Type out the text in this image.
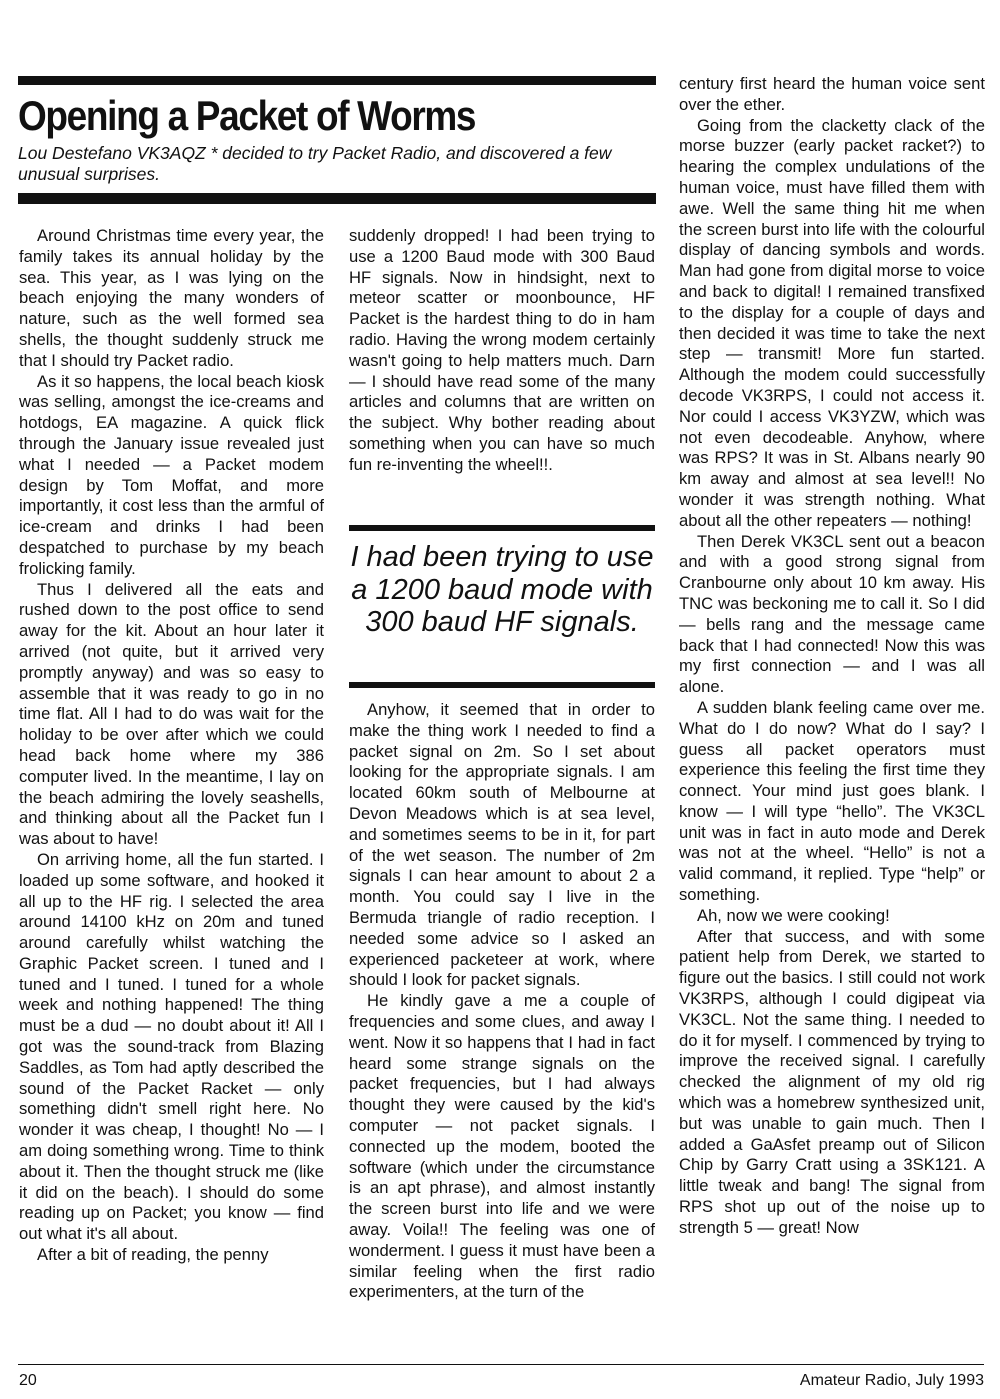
Opening a Packet of Worms

Lou Destefano VK3AQZ * decided to try Packet Radio, and discovered a few unusual surprises.

Around Christmas time every year, the family takes its annual holiday by the sea. This year, as I was lying on the beach enjoying the many wonders of nature, such as the well formed sea shells, the thought suddenly struck me that I should try Packet radio.

As it so happens, the local beach kiosk was selling, amongst the ice-creams and hotdogs, EA magazine. A quick flick through the January issue revealed just what I needed — a Packet modem design by Tom Moffat, and more importantly, it cost less than the armful of ice-cream and drinks I had been despatched to purchase by my beach frolicking family.

Thus I delivered all the eats and rushed down to the post office to send away for the kit. About an hour later it arrived (not quite, but it arrived very promptly anyway) and was so easy to assemble that it was ready to go in no time flat. All I had to do was wait for the holiday to be over after which we could head back home where my 386 computer lived. In the meantime, I lay on the beach admiring the lovely seashells, and thinking about all the Packet fun I was about to have!

On arriving home, all the fun started. I loaded up some software, and hooked it all up to the HF rig. I selected the area around 14100 kHz on 20m and tuned around carefully whilst watching the Graphic Packet screen. I tuned and I tuned and I tuned. I tuned for a whole week and nothing happened! The thing must be a dud — no doubt about it! All I got was the sound-track from Blazing Saddles, as Tom had aptly described the sound of the Packet Racket — only something didn't smell right here. No wonder it was cheap, I thought! No — I am doing something wrong. Time to think about it. Then the thought struck me (like it did on the beach). I should do some reading up on Packet; you know — find out what it's all about.

After a bit of reading, the penny

suddenly dropped! I had been trying to use a 1200 Baud mode with 300 Baud HF signals. Now in hindsight, next to meteor scatter or moonbounce, HF Packet is the hardest thing to do in ham radio. Having the wrong modem certainly wasn't going to help matters much. Darn — I should have read some of the many articles and columns that are written on the subject. Why bother reading about something when you can have so much fun re-inventing the wheel!!.

I had been trying to use a 1200 baud mode with 300 baud HF signals.

Anyhow, it seemed that in order to make the thing work I needed to find a packet signal on 2m. So I set about looking for the appropriate signals. I am located 60km south of Melbourne at Devon Meadows which is at sea level, and sometimes seems to be in it, for part of the wet season. The number of 2m signals I can hear amount to about 2 a month. You could say I live in the Bermuda triangle of radio reception. I needed some advice so I asked an experienced packeteer at work, where should I look for packet signals.

He kindly gave a me a couple of frequencies and some clues, and away I went. Now it so happens that I had in fact heard some strange signals on the packet frequencies, but I had always thought they were caused by the kid's computer — not packet signals. I connected up the modem, booted the software (which under the circumstance is an apt phrase), and almost instantly the screen burst into life and we were away. Voila!! The feeling was one of wonderment. I guess it must have been a similar feeling when the first radio experimenters, at the turn of the

century first heard the human voice sent over the ether.

Going from the clacketty clack of the morse buzzer (early packet racket?) to hearing the complex undulations of the human voice, must have filled them with awe. Well the same thing hit me when the screen burst into life with the colourful display of dancing symbols and words. Man had gone from digital morse to voice and back to digital! I remained transfixed to the display for a couple of days and then decided it was time to take the next step — transmit! More fun started. Although the modem could successfully decode VK3RPS, I could not access it. Nor could I access VK3YZW, which was not even decodeable. Anyhow, where was RPS? It was in St. Albans nearly 90 km away and almost at sea level!! No wonder it was strength nothing. What about all the other repeaters — nothing!

Then Derek VK3CL sent out a beacon and with a good strong signal from Cranbourne only about 10 km away. His TNC was beckoning me to call it. So I did — bells rang and the message came back that I had connected! Now this was my first connection — and I was all alone.

A sudden blank feeling came over me. What do I do now? What do I say? I guess all packet operators must experience this feeling the first time they connect. Your mind just goes blank. I know — I will type “hello”. The VK3CL unit was in fact in auto mode and Derek was not at the wheel. “Hello” is not a valid command, it replied. Type “help” or something.

Ah, now we were cooking!

After that success, and with some patient help from Derek, we started to figure out the basics. I still could not work VK3RPS, although I could digipeat via VK3CL. Not the same thing. I needed to do it for myself. I commenced by trying to improve the received signal. I carefully checked the alignment of my old rig which was a homebrew synthesized unit, but was unable to gain much. Then I added a GaAsfet preamp out of Silicon Chip by Garry Cratt using a 3SK121. A little tweak and bang! The signal from RPS shot up out of the noise up to strength 5 — great! Now

20	Amateur Radio, July 1993
